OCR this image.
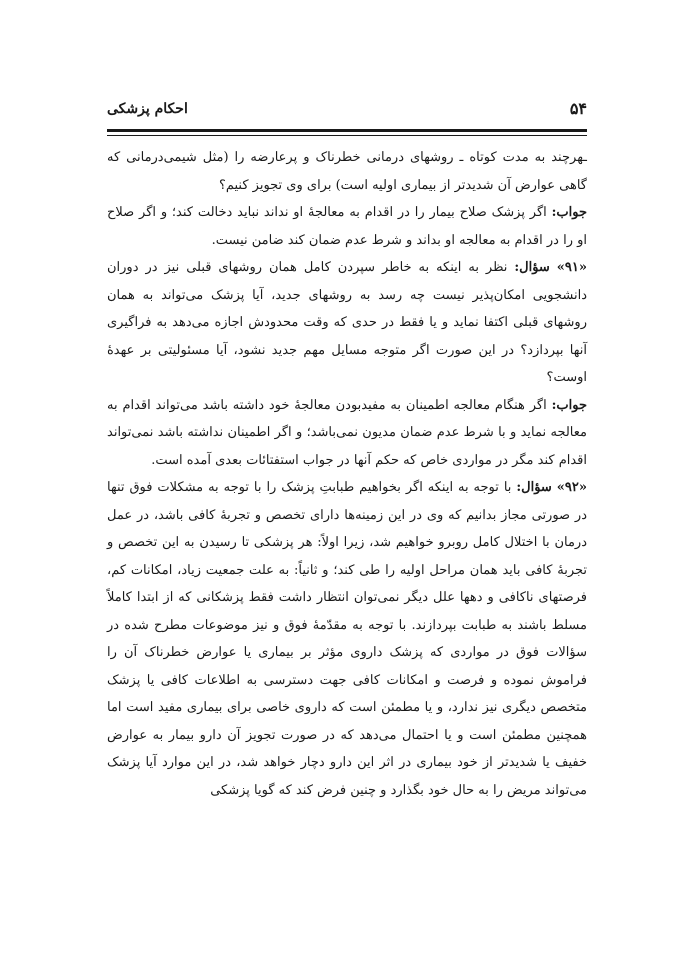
۵۴
احکام پزشکی

ـهرچند به مدت کوتاه ـ روشهای درمانی خطرناک و پرعارضه را (مثل شیمی‌درمانی که گاهی عوارض آن شدیدتر از بیماری اولیه است) برای وی تجویز کنیم؟

جواب: اگر پزشک صلاح بیمار را در اقدام به معالجهٔ او نداند نباید دخالت کند؛ و اگر صلاح او را در اقدام به معالجه او بداند و شرط عدم ضمان کند ضامن نیست.

«۹۱» سؤال: نظر به اینکه به خاطر سپردن کامل همان روشهای قبلی نیز در دوران دانشجویی امکان‌پذیر نیست چه رسد به روشهای جدید، آیا پزشک می‌تواند به همان روشهای قبلی اکتفا نماید و یا فقط در حدی که وقت محدودش اجازه می‌دهد به فراگیری آنها بپردازد؟ در این صورت اگر متوجه مسایل مهم جدید نشود، آیا مسئولیتی بر عهدهٔ اوست؟

جواب: اگر هنگام معالجه اطمینان به مفیدبودن معالجهٔ خود داشته باشد می‌تواند اقدام به معالجه نماید و با شرط عدم ضمان مدیون نمی‌باشد؛ و اگر اطمینان نداشته باشد نمی‌تواند اقدام کند مگر در مواردی خاص که حکم آنها در جواب استفتائات بعدی آمده است.

«۹۲» سؤال: با توجه به اینکه اگر بخواهیم طبابتِ پزشک را با توجه به مشکلات فوق تنها در صورتی مجاز بدانیم که وی در این زمینه‌ها دارای تخصص و تجربهٔ کافی باشد، در عمل درمان با اختلال کامل روبرو خواهیم شد، زیرا اولاً: هر پزشکی تا رسیدن به این تخصص و تجربهٔ کافی باید همان مراحل اولیه را طی کند؛ و ثانیاً: به علت جمعیت زیاد، امکانات کم، فرصتهای ناکافی و دهها علل دیگر نمی‌توان انتظار داشت فقط پزشکانی که از ابتدا کاملاً مسلط باشند به طبابت بپردازند. با توجه به مقدّمهٔ فوق و نیز موضوعات مطرح شده در سؤالات فوق در مواردی که پزشک داروی مؤثر بر بیماری یا عوارض خطرناک آن را فراموش نموده و فرصت و امکانات کافی جهت دسترسی به اطلاعات کافی یا پزشک متخصص دیگری نیز ندارد، و یا مطمئن است که داروی خاصی برای بیماری مفید است اما همچنین مطمئن است و یا احتمال می‌دهد که در صورت تجویز آن دارو بیمار به عوارض خفیف یا شدیدتر از خود بیماری در اثر این دارو دچار خواهد شد، در این موارد آیا پزشک می‌تواند مریض را به حال خود بگذارد و چنین فرض کند که گویا پزشکی
